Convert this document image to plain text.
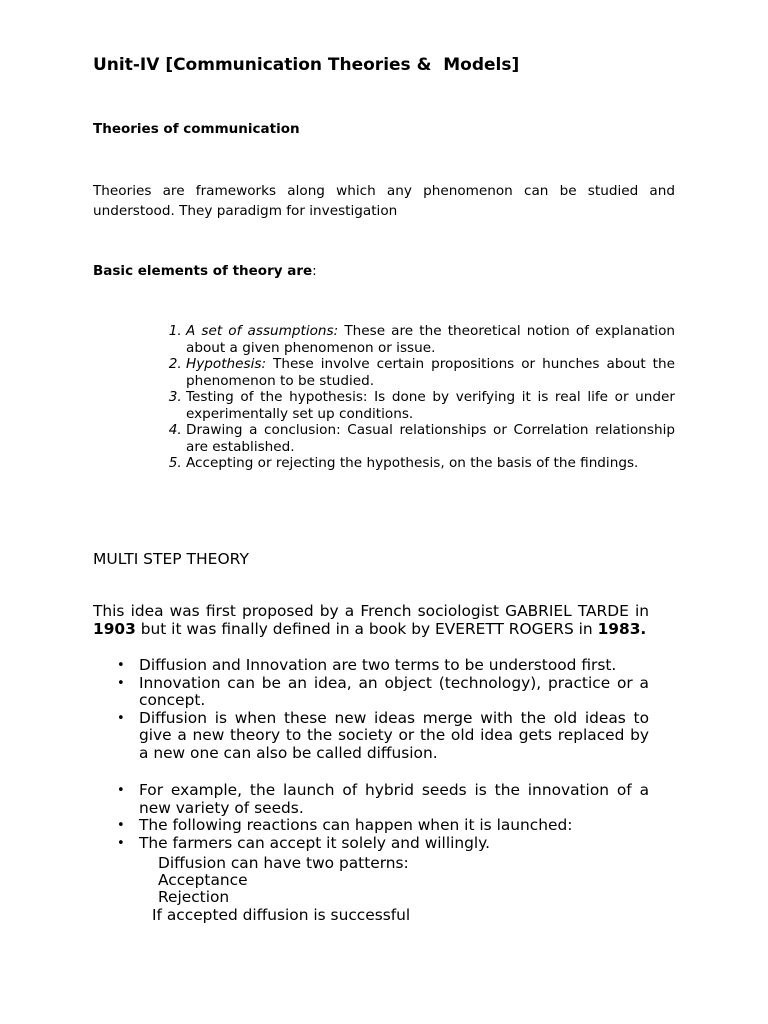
Unit-IV [Communication Theories &  Models]
Theories of communication

Theories are frameworks along which any phenomenon can be studied and understood. They paradigm for investigation

Basic elements of theory are:
1. A set of assumptions: These are the theoretical notion of explanation about a given phenomenon or issue.
2. Hypothesis: These involve certain propositions or hunches about the phenomenon to be studied.
3. Testing of the hypothesis: Is done by verifying it is real life or under experimentally set up conditions.
4. Drawing a conclusion: Casual relationships or Correlation relationship are established.
5. Accepting or rejecting the hypothesis, on the basis of the findings.
MULTI STEP THEORY

This idea was first proposed by a French sociologist GABRIEL TARDE in 1903 but it was finally defined in a book by EVERETT ROGERS in 1983.

• Diffusion and Innovation are two terms to be understood first.
• Innovation can be an idea, an object (technology), practice or a concept.
• Diffusion is when these new ideas merge with the old ideas to give a new theory to the society or the old idea gets replaced by a new one can also be called diffusion.
• For example, the launch of hybrid seeds is the innovation of a new variety of seeds.
• The following reactions can happen when it is launched:
• The farmers can accept it solely and willingly.
Diffusion can have two patterns:
Acceptance
Rejection
If accepted diffusion is successful
